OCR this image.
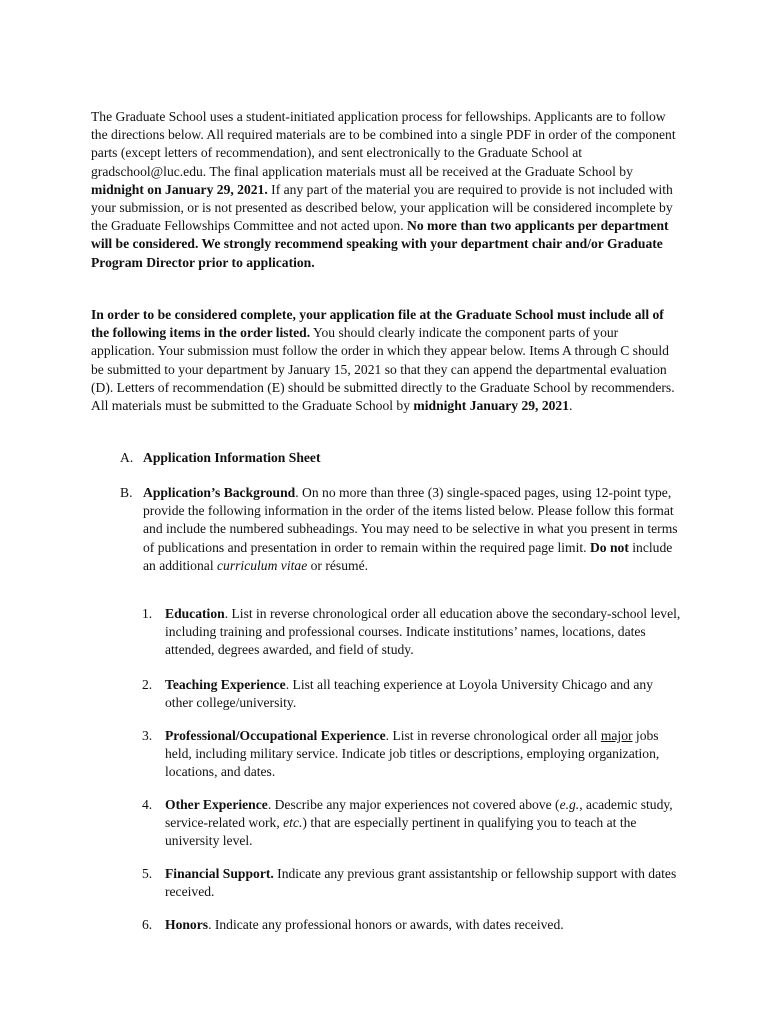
The Graduate School uses a student-initiated application process for fellowships. Applicants are to follow the directions below. All required materials are to be combined into a single PDF in order of the component parts (except letters of recommendation), and sent electronically to the Graduate School at gradschool@luc.edu. The final application materials must all be received at the Graduate School by midnight on January 29, 2021. If any part of the material you are required to provide is not included with your submission, or is not presented as described below, your application will be considered incomplete by the Graduate Fellowships Committee and not acted upon. No more than two applicants per department will be considered. We strongly recommend speaking with your department chair and/or Graduate Program Director prior to application.

In order to be considered complete, your application file at the Graduate School must include all of the following items in the order listed. You should clearly indicate the component parts of your application. Your submission must follow the order in which they appear below. Items A through C should be submitted to your department by January 15, 2021 so that they can append the departmental evaluation (D). Letters of recommendation (E) should be submitted directly to the Graduate School by recommenders. All materials must be submitted to the Graduate School by midnight January 29, 2021.

A. Application Information Sheet

B. Application’s Background. On no more than three (3) single-spaced pages, using 12-point type, provide the following information in the order of the items listed below. Please follow this format and include the numbered subheadings. You may need to be selective in what you present in terms of publications and presentation in order to remain within the required page limit. Do not include an additional curriculum vitae or résumé.

1. Education. List in reverse chronological order all education above the secondary-school level, including training and professional courses. Indicate institutions’ names, locations, dates attended, degrees awarded, and field of study.

2. Teaching Experience. List all teaching experience at Loyola University Chicago and any other college/university.

3. Professional/Occupational Experience. List in reverse chronological order all major jobs held, including military service. Indicate job titles or descriptions, employing organization, locations, and dates.

4. Other Experience. Describe any major experiences not covered above (e.g., academic study, service-related work, etc.) that are especially pertinent in qualifying you to teach at the university level.

5. Financial Support. Indicate any previous grant assistantship or fellowship support with dates received.

6. Honors. Indicate any professional honors or awards, with dates received.
